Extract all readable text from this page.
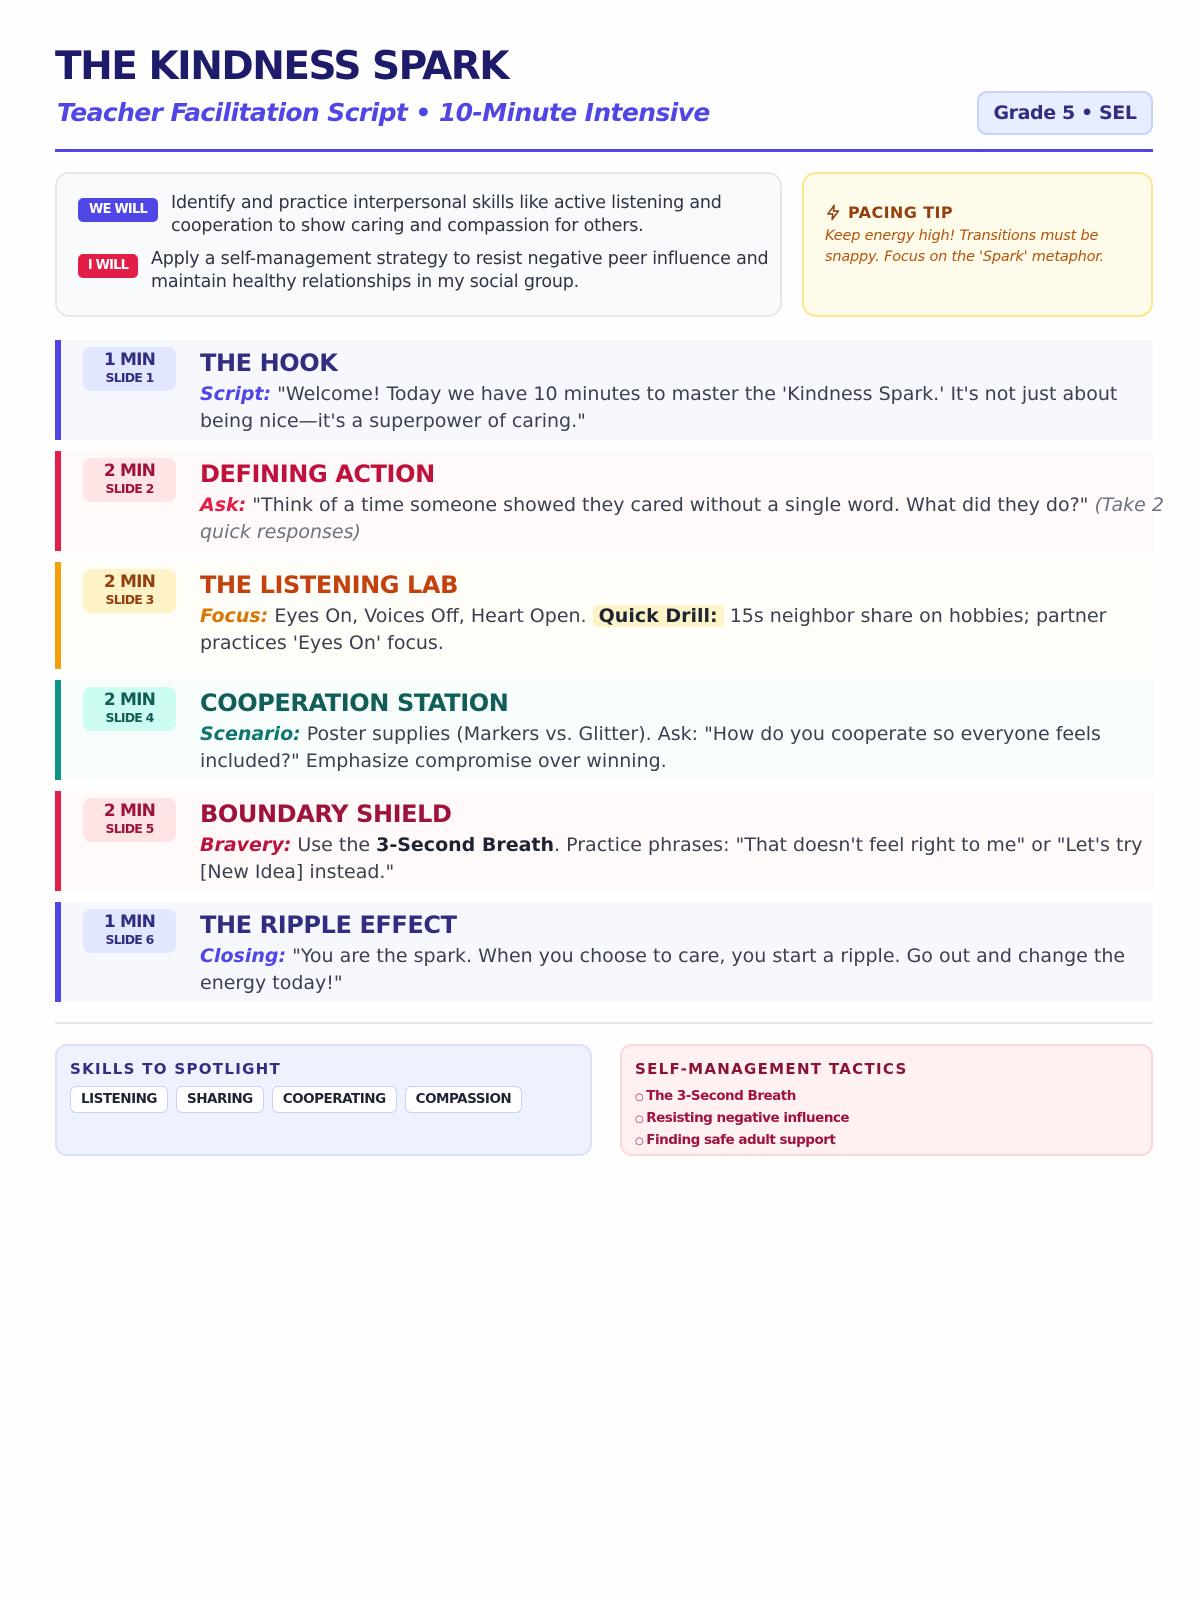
THE KINDNESS SPARK
Teacher Facilitation Script • 10-Minute Intensive	Grade 5 • SEL
WE WILL	Identify and practice interpersonal skills like active listening and cooperation to show caring and compassion for others.
I WILL	Apply a self-management strategy to resist negative peer influence and maintain healthy relationships in my social group.
PACING TIP
Keep energy high! Transitions must be snappy. Focus on the 'Spark' metaphor.
1 MIN
SLIDE 1
THE HOOK
Script: "Welcome! Today we have 10 minutes to master the 'Kindness Spark.' It's not just about
being nice—it's a superpower of caring."
2 MIN
SLIDE 2
DEFINING ACTION
Ask: "Think of a time someone showed they cared without a single word. What did they do?" (Take 2
quick responses)
2 MIN
SLIDE 3
THE LISTENING LAB
Focus: Eyes On, Voices Off, Heart Open. Quick Drill: 15s neighbor share on hobbies; partner
practices 'Eyes On' focus.
2 MIN
SLIDE 4
COOPERATION STATION
Scenario: Poster supplies (Markers vs. Glitter). Ask: "How do you cooperate so everyone feels
included?" Emphasize compromise over winning.
2 MIN
SLIDE 5
BOUNDARY SHIELD
Bravery: Use the 3-Second Breath. Practice phrases: "That doesn't feel right to me" or "Let's try
[New Idea] instead."
1 MIN
SLIDE 6
THE RIPPLE EFFECT
Closing: "You are the spark. When you choose to care, you start a ripple. Go out and change the
energy today!"
SKILLS TO SPOTLIGHT
LISTENING	SHARING	COOPERATING	COMPASSION
SELF-MANAGEMENT TACTICS
○ The 3-Second Breath
○ Resisting negative influence
○ Finding safe adult support
